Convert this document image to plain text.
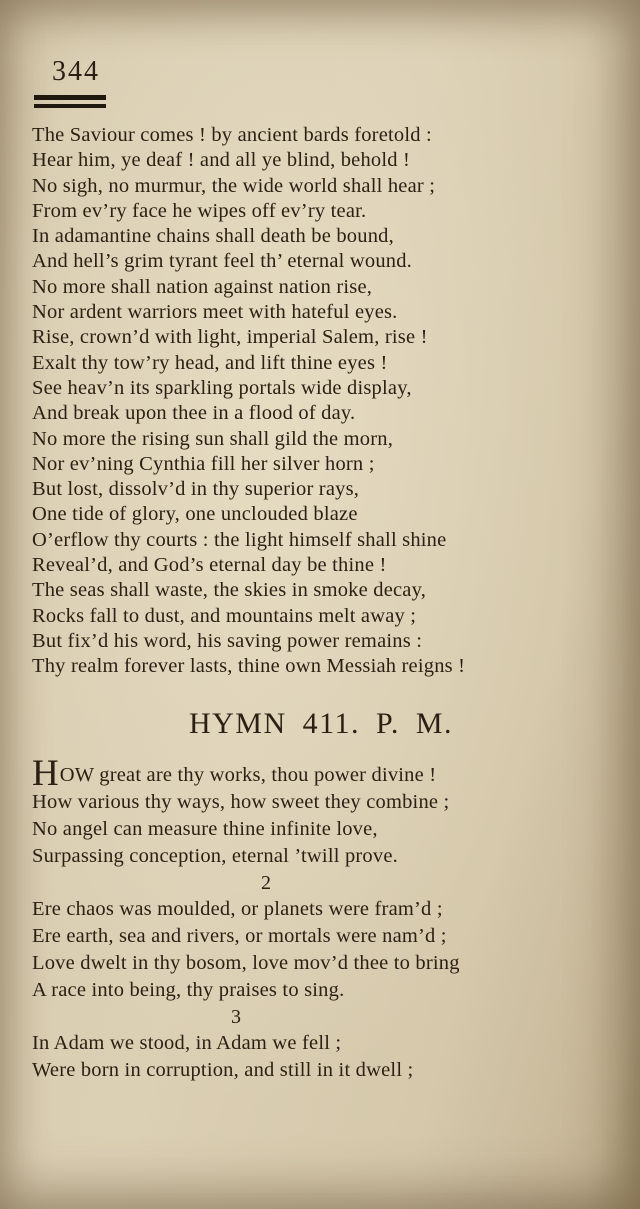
344

The Saviour comes ! by ancient bards foretold :

Hear him, ye deaf ! and all ye blind, behold !

No sigh, no murmur, the wide world shall hear ;

From ev’ry face he wipes off ev’ry tear.

In adamantine chains shall death be bound,

And hell’s grim tyrant feel th’ eternal wound.

No more shall nation against nation rise,

Nor ardent warriors meet with hateful eyes.

Rise, crown’d with light, imperial Salem, rise !

Exalt thy tow’ry head, and lift thine eyes !

See heav’n its sparkling portals wide display,

And break upon thee in a flood of day.

No more the rising sun shall gild the morn,

Nor ev’ning Cynthia fill her silver horn ;

But lost, dissolv’d in thy superior rays,

One tide of glory, one unclouded blaze

O’erflow thy courts : the light himself shall shine

Reveal’d, and God’s eternal day be thine !

The seas shall waste, the skies in smoke decay,

Rocks fall to dust, and mountains melt away ;

But fix’d his word, his saving power remains :

Thy realm forever lasts, thine own Messiah reigns !

HYMN 411. P. M.

HOW great are thy works, thou power divine !

How various thy ways, how sweet they combine ;

No angel can measure thine infinite love,

Surpassing conception, eternal ’twill prove.

2

Ere chaos was moulded, or planets were fram’d ;

Ere earth, sea and rivers, or mortals were nam’d ;

Love dwelt in thy bosom, love mov’d thee to bring

A race into being, thy praises to sing.

3

In Adam we stood, in Adam we fell ;

Were born in corruption, and still in it dwell ;
